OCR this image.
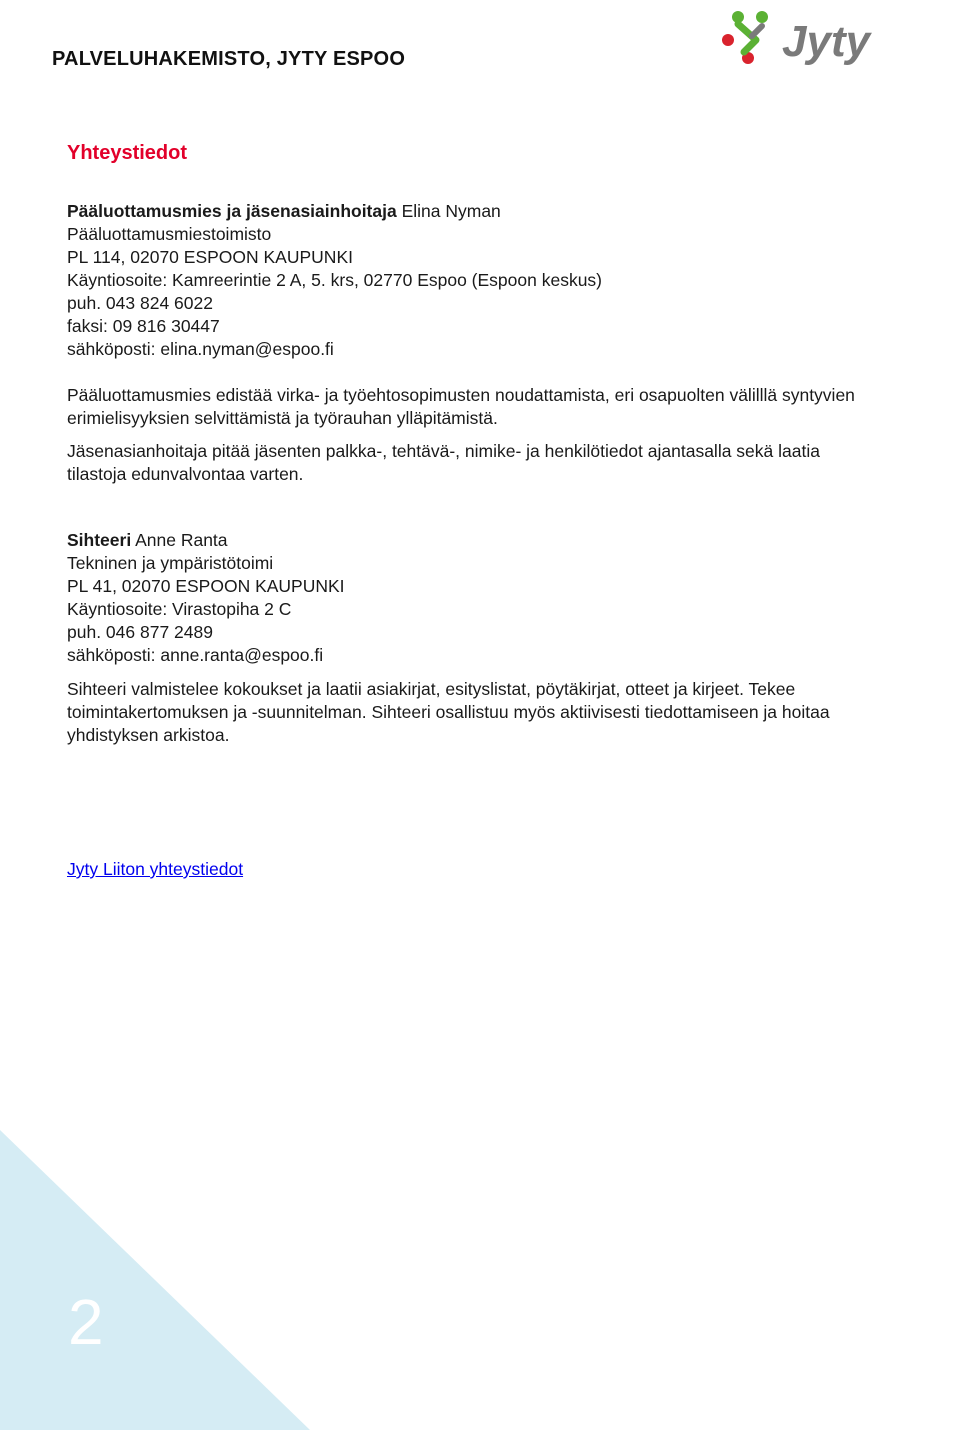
PALVELUHAKEMISTO, JYTY ESPOO	Jyty
Yhteystiedot

Pääluottamusmies ja jäsenasiainhoitaja Elina Nyman

Pääluottamusmiestoimisto

PL 114, 02070 ESPOON KAUPUNKI

Käyntiosoite: Kamreerintie 2 A, 5. krs, 02770 Espoo (Espoon keskus)

puh. 043 824 6022

faksi: 09 816 30447

sähköposti: elina.nyman@espoo.fi

Pääluottamusmies edistää virka- ja työehtosopimusten noudattamista, eri osapuolten välilllä syntyvien

erimielisyyksien selvittämistä ja työrauhan ylläpitämistä.

Jäsenasianhoitaja pitää jäsenten palkka-, tehtävä-, nimike- ja henkilötiedot ajantasalla sekä laatia

tilastoja edunvalvontaa varten.

Sihteeri Anne Ranta

Tekninen ja ympäristötoimi

PL 41, 02070 ESPOON KAUPUNKI

Käyntiosoite: Virastopiha 2 C

puh. 046 877 2489

sähköposti: anne.ranta@espoo.fi

Sihteeri valmistelee kokoukset ja laatii asiakirjat, esityslistat, pöytäkirjat, otteet ja kirjeet. Tekee

toimintakertomuksen ja -suunnitelman. Sihteeri osallistuu myös aktiivisesti tiedottamiseen ja hoitaa

yhdistyksen arkistoa.

Jyty Liiton yhteystiedot
2
